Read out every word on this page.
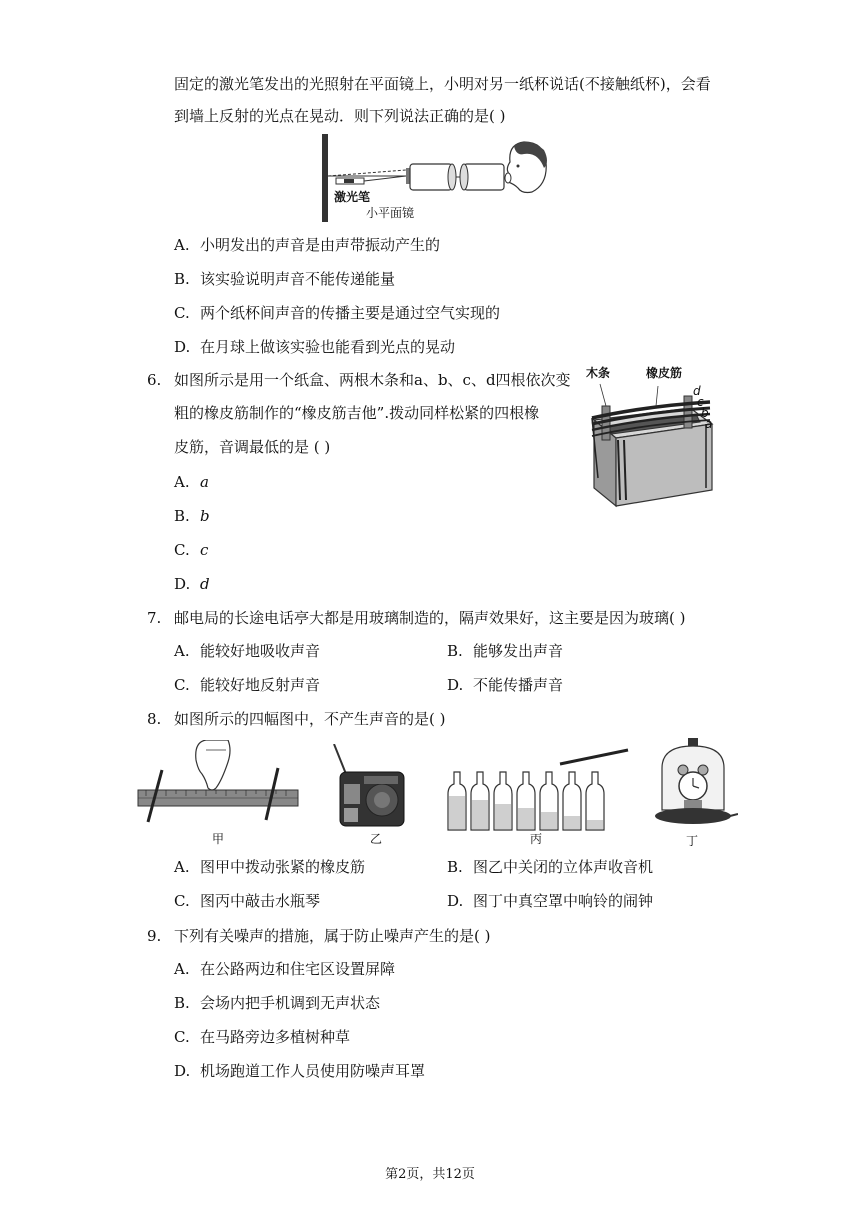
固定的激光笔发出的光照射在平面镜上，小明对另一纸杯说话(不接触纸杯)，会看
到墙上反射的光点在晃动．则下列说法正确的是( )
激光笔
小平面镜
A. 小明发出的声音是由声带振动产生的
B. 该实验说明声音不能传递能量
C. 两个纸杯间声音的传播主要是通过空气实现的
D. 在月球上做该实验也能看到光点的晃动
6. 如图所示是用一个纸盒、两根木条和a、b、c、d四根依次变
粗的橡皮筋制作的“橡皮筋吉他”.拨动同样松紧的四根橡
皮筋，音调最低的是 ( )
木条	橡皮筋
d
c
b
a
A. a
B. b
C. c
D. d
7. 邮电局的长途电话亭大都是用玻璃制造的，隔声效果好，这主要是因为玻璃( )
A. 能较好地吸收声音	B. 能够发出声音
C. 能较好地反射声音	D. 不能传播声音
8. 如图所示的四幅图中，不产生声音的是( )
甲	乙	丙	丁
A. 图甲中拨动张紧的橡皮筋	B. 图乙中关闭的立体声收音机
C. 图丙中敲击水瓶琴	D. 图丁中真空罩中响铃的闹钟
9. 下列有关噪声的措施，属于防止噪声产生的是( )
A. 在公路两边和住宅区设置屏障
B. 会场内把手机调到无声状态
C. 在马路旁边多植树种草
D. 机场跑道工作人员使用防噪声耳罩
第2页，共12页
